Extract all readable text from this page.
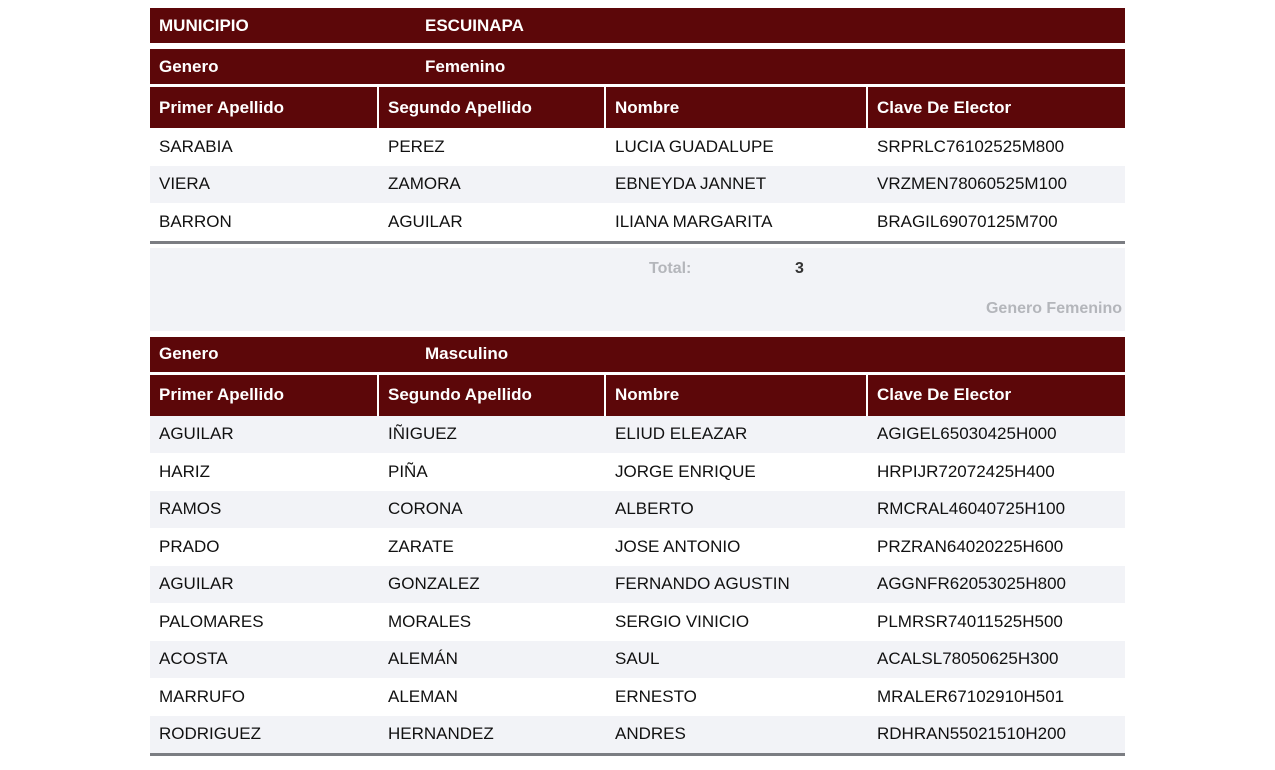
MUNICIPIO	ESCUINAPA
Genero	Femenino
Primer Apellido	Segundo Apellido	Nombre	Clave De Elector
SARABIA	PEREZ	LUCIA GUADALUPE	SRPRLC76102525M800
VIERA	ZAMORA	EBNEYDA JANNET	VRZMEN78060525M100
BARRON	AGUILAR	ILIANA MARGARITA	BRAGIL69070125M700
Total:	3
Genero Femenino
Genero	Masculino
Primer Apellido	Segundo Apellido	Nombre	Clave De Elector
AGUILAR	IÑIGUEZ	ELIUD ELEAZAR	AGIGEL65030425H000
HARIZ	PIÑA	JORGE ENRIQUE	HRPIJR72072425H400
RAMOS	CORONA	ALBERTO	RMCRAL46040725H100
PRADO	ZARATE	JOSE ANTONIO	PRZRAN64020225H600
AGUILAR	GONZALEZ	FERNANDO AGUSTIN	AGGNFR62053025H800
PALOMARES	MORALES	SERGIO VINICIO	PLMRSR74011525H500
ACOSTA	ALEMÁN	SAUL	ACALSL78050625H300
MARRUFO	ALEMAN	ERNESTO	MRALER67102910H501
RODRIGUEZ	HERNANDEZ	ANDRES	RDHRAN55021510H200
